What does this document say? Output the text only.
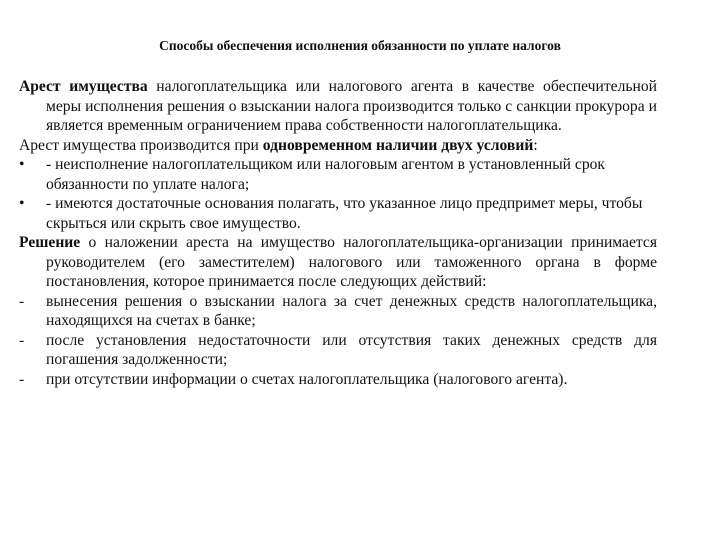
Способы обеспечения исполнения обязанности по уплате налогов

Арест имущества налогоплательщика или налогового агента в качестве обеспечительной меры исполнения решения о взыскании налога производится только с санкции прокурора и является временным ограничением права собственности налогоплательщика.

Арест имущества производится при одновременном наличии двух условий:

•	- неисполнение налогоплательщиком или налоговым агентом в установленный срок обязанности по уплате налога;
•	- имеются достаточные основания полагать, что указанное лицо предпримет меры, чтобы скрыться или скрыть свое имущество.

Решение о наложении ареста на имущество налогоплательщика-организации принимается руководителем (его заместителем) налогового или таможенного органа в форме постановления, которое принимается после следующих действий:

-	вынесения решения о взыскании налога за счет денежных средств налогоплательщика, находящихся на счетах в банке;
-	после установления недостаточности или отсутствия таких денежных средств для погашения задолженности;
-	при отсутствии информации о счетах налогоплательщика (налогового агента).
